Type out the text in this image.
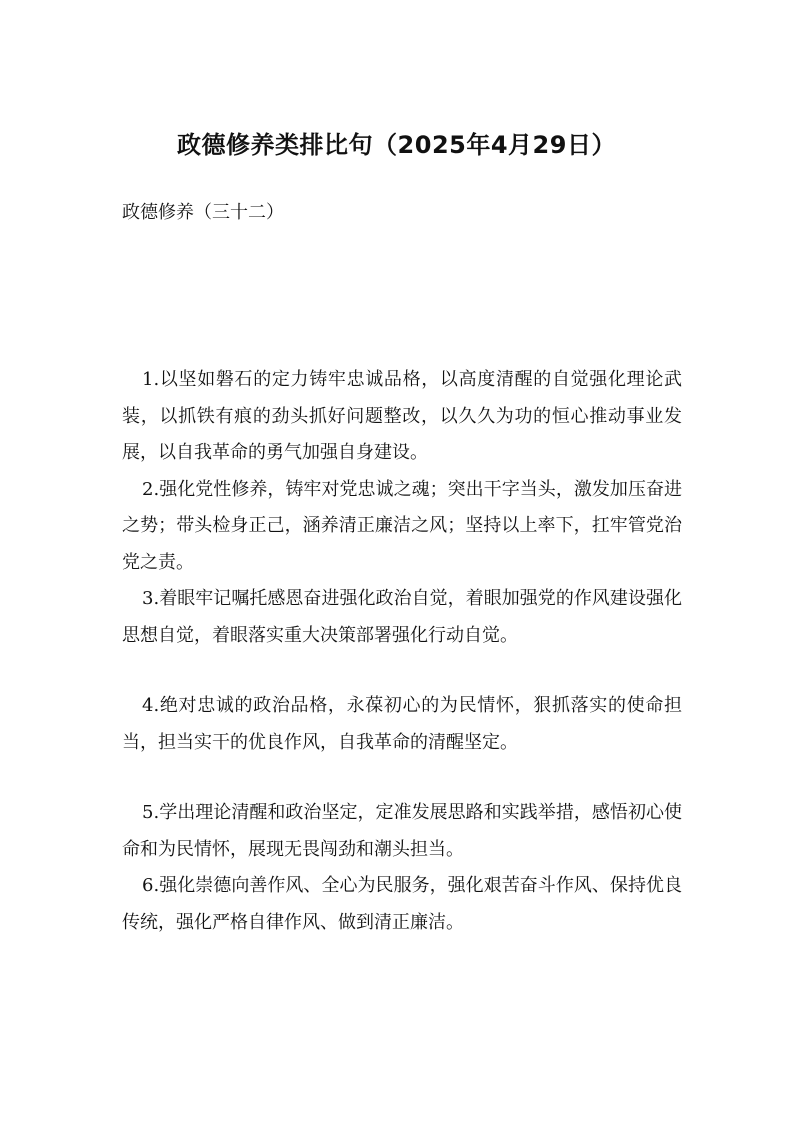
政德修养类排比句（2025年4月29日）
政德修养（三十二）

1.以坚如磐石的定力铸牢忠诚品格，以高度清醒的自觉强化理论武装，以抓铁有痕的劲头抓好问题整改，以久久为功的恒心推动事业发展，以自我革命的勇气加强自身建设。

2.强化党性修养，铸牢对党忠诚之魂；突出干字当头，激发加压奋进之势；带头检身正己，涵养清正廉洁之风；坚持以上率下，扛牢管党治党之责。

3.着眼牢记嘱托感恩奋进强化政治自觉，着眼加强党的作风建设强化思想自觉，着眼落实重大决策部署强化行动自觉。

4.绝对忠诚的政治品格，永葆初心的为民情怀，狠抓落实的使命担当，担当实干的优良作风，自我革命的清醒坚定。

5.学出理论清醒和政治坚定，定准发展思路和实践举措，感悟初心使命和为民情怀，展现无畏闯劲和潮头担当。

6.强化崇德向善作风、全心为民服务，强化艰苦奋斗作风、保持优良传统，强化严格自律作风、做到清正廉洁。
